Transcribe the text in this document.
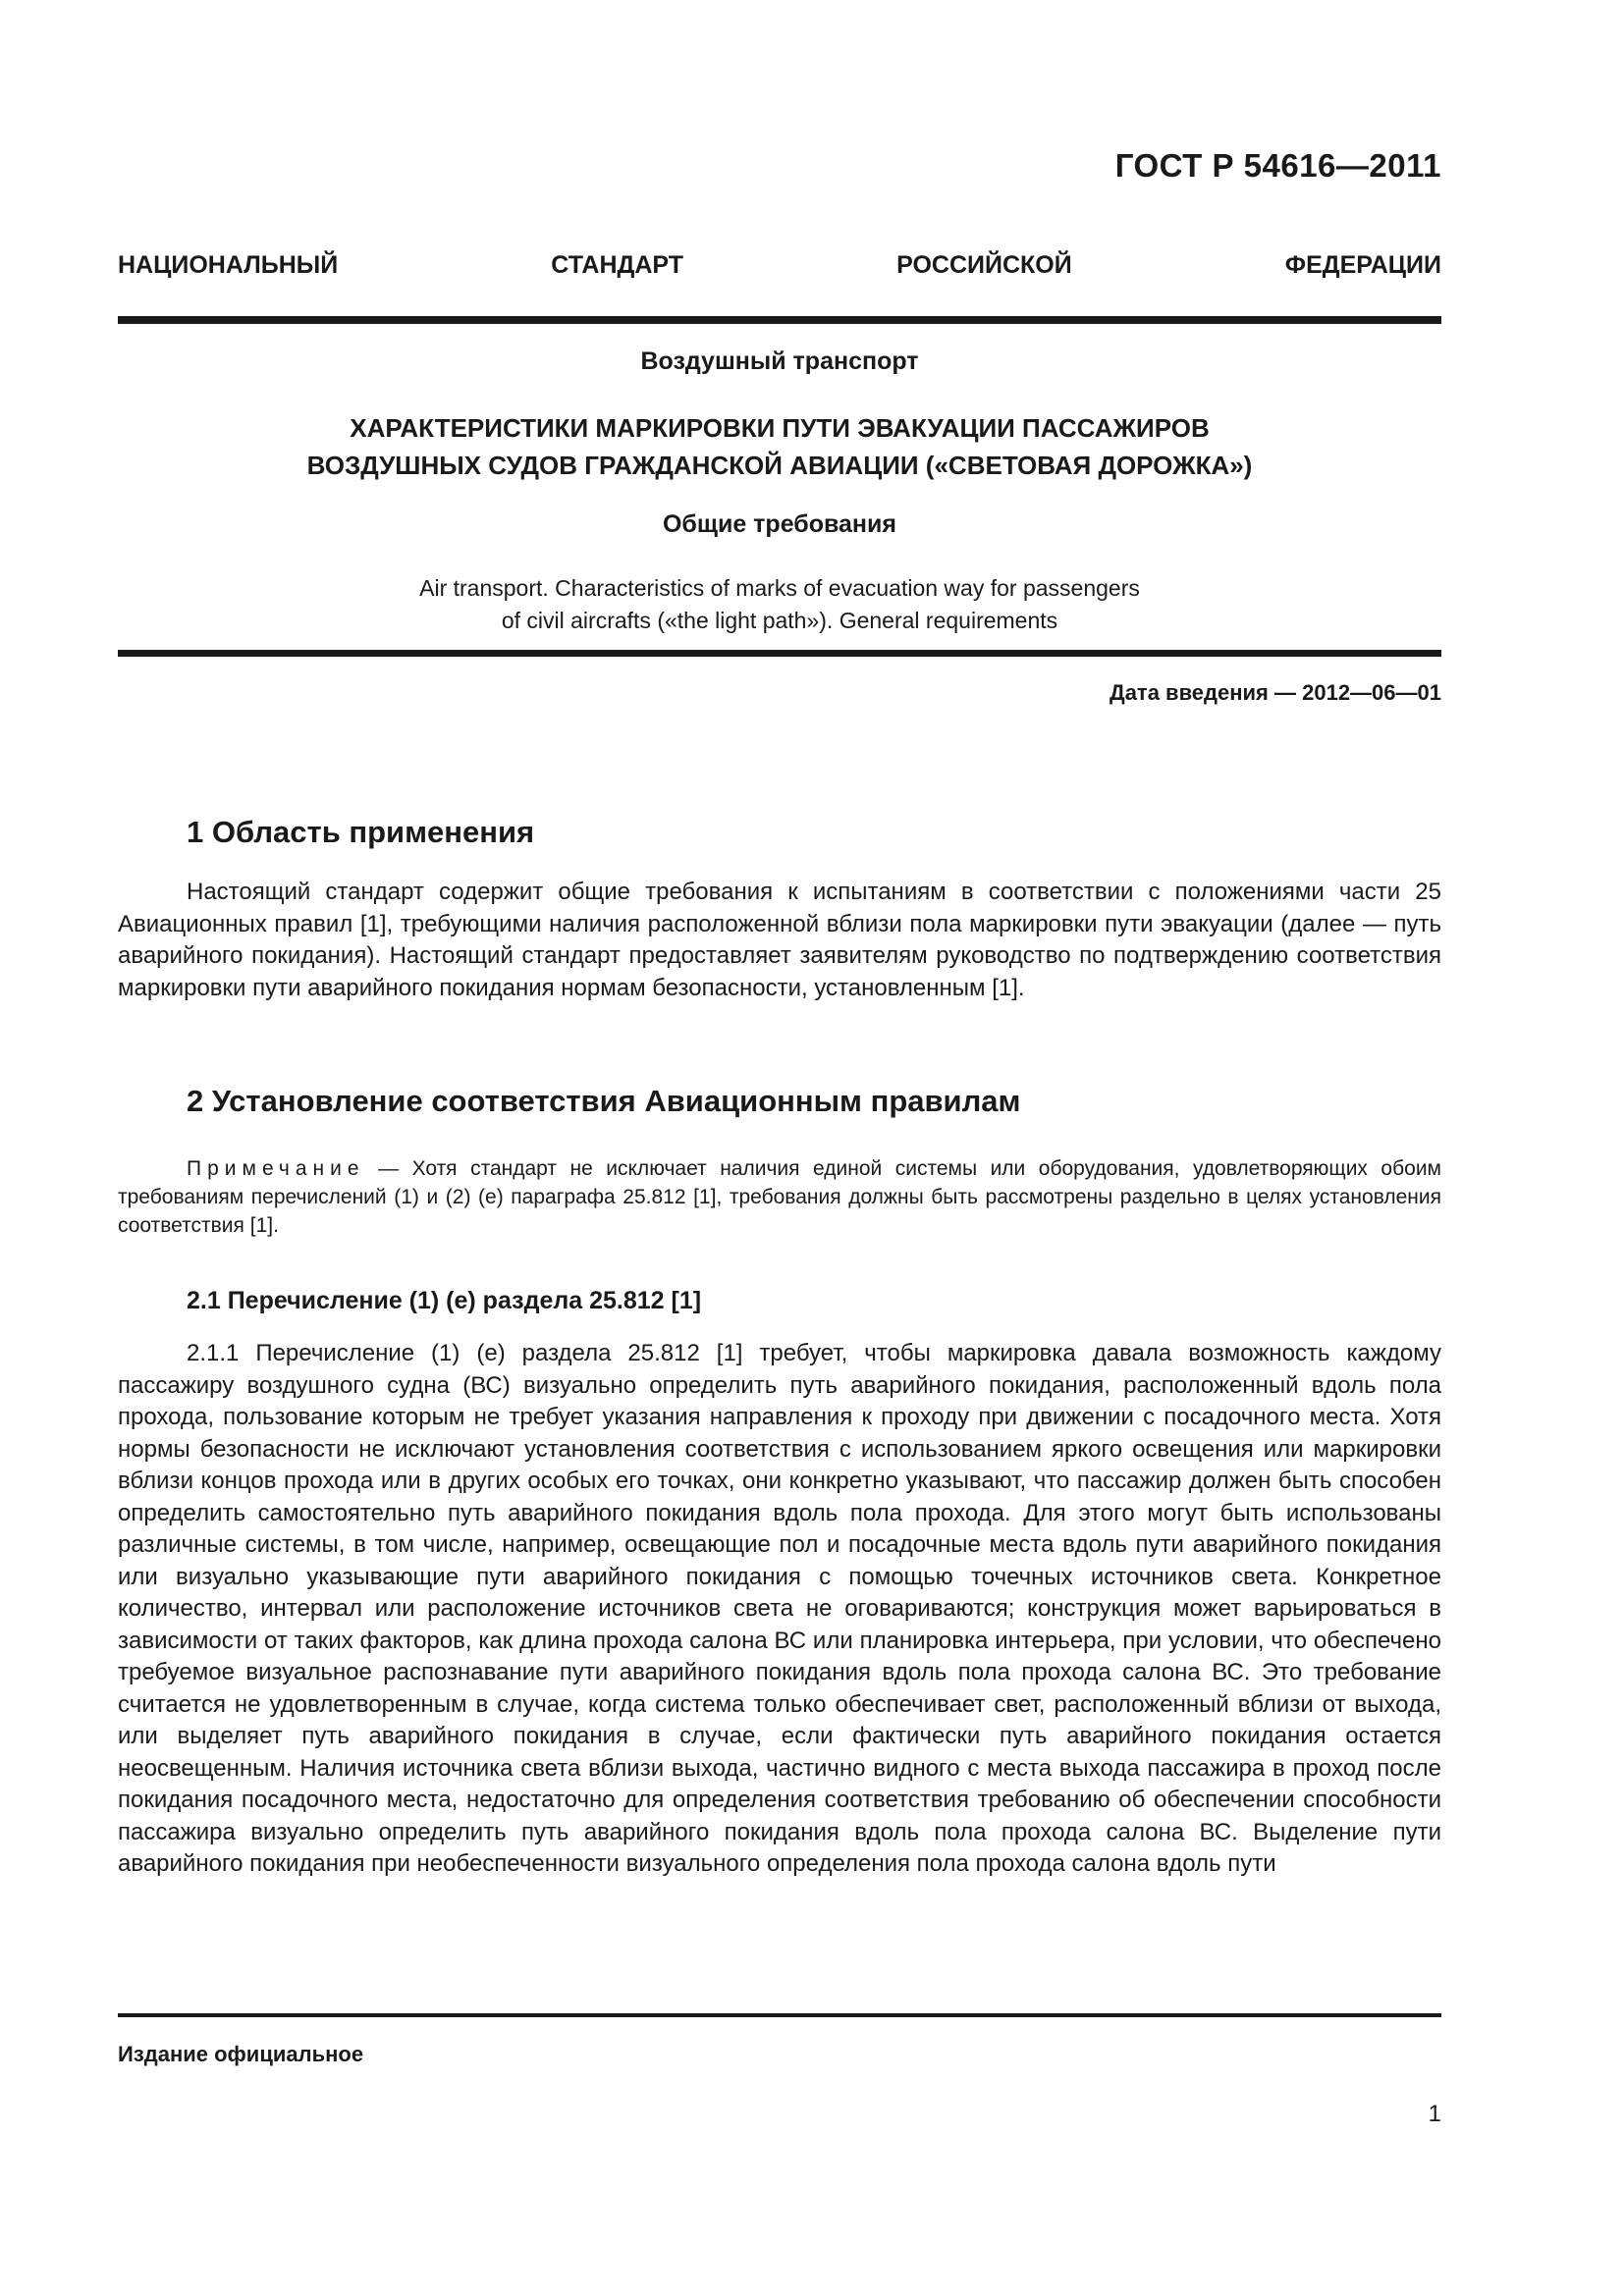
ГОСТ Р 54616—2011
НАЦИОНАЛЬНЫЙ СТАНДАРТ РОССИЙСКОЙ ФЕДЕРАЦИИ
Воздушный транспорт
ХАРАКТЕРИСТИКИ МАРКИРОВКИ ПУТИ ЭВАКУАЦИИ ПАССАЖИРОВ
ВОЗДУШНЫХ СУДОВ ГРАЖДАНСКОЙ АВИАЦИИ («СВЕТОВАЯ ДОРОЖКА»)
Общие требования
Air transport. Characteristics of marks of evacuation way for passengers
of civil aircrafts («the light path»). General requirements
Дата введения — 2012—06—01
1 Область применения
Настоящий стандарт содержит общие требования к испытаниям в соответствии с положениями части 25 Авиационных правил [1], требующими наличия расположенной вблизи пола маркировки пути эвакуации (далее — путь аварийного покидания). Настоящий стандарт предоставляет заявителям руководство по подтверждению соответствия маркировки пути аварийного покидания нормам безопасности, установленным [1].
2 Установление соответствия Авиационным правилам
Примечание — Хотя стандарт не исключает наличия единой системы или оборудования, удовлетворяющих обоим требованиям перечислений (1) и (2) (е) параграфа 25.812 [1], требования должны быть рассмотрены раздельно в целях установления соответствия [1].
2.1 Перечисление (1) (е) раздела 25.812 [1]
2.1.1 Перечисление (1) (е) раздела 25.812 [1] требует, чтобы маркировка давала возможность каждому пассажиру воздушного судна (ВС) визуально определить путь аварийного покидания, расположенный вдоль пола прохода, пользование которым не требует указания направления к проходу при движении с посадочного места. Хотя нормы безопасности не исключают установления соответствия с использованием яркого освещения или маркировки вблизи концов прохода или в других особых его точках, они конкретно указывают, что пассажир должен быть способен определить самостоятельно путь аварийного покидания вдоль пола прохода. Для этого могут быть использованы различные системы, в том числе, например, освещающие пол и посадочные места вдоль пути аварийного покидания или визуально указывающие пути аварийного покидания с помощью точечных источников света. Конкретное количество, интервал или расположение источников света не оговариваются; конструкция может варьироваться в зависимости от таких факторов, как длина прохода салона ВС или планировка интерьера, при условии, что обеспечено требуемое визуальное распознавание пути аварийного покидания вдоль пола прохода салона ВС. Это требование считается не удовлетворенным в случае, когда система только обеспечивает свет, расположенный вблизи от выхода, или выделяет путь аварийного покидания в случае, если фактически путь аварийного покидания остается неосвещенным. Наличия источника света вблизи выхода, частично видного с места выхода пассажира в проход после покидания посадочного места, недостаточно для определения соответствия требованию об обеспечении способности пассажира визуально определить путь аварийного покидания вдоль пола прохода салона ВС. Выделение пути аварийного покидания при необеспеченности визуального определения пола прохода салона вдоль пути
Издание официальное
1
